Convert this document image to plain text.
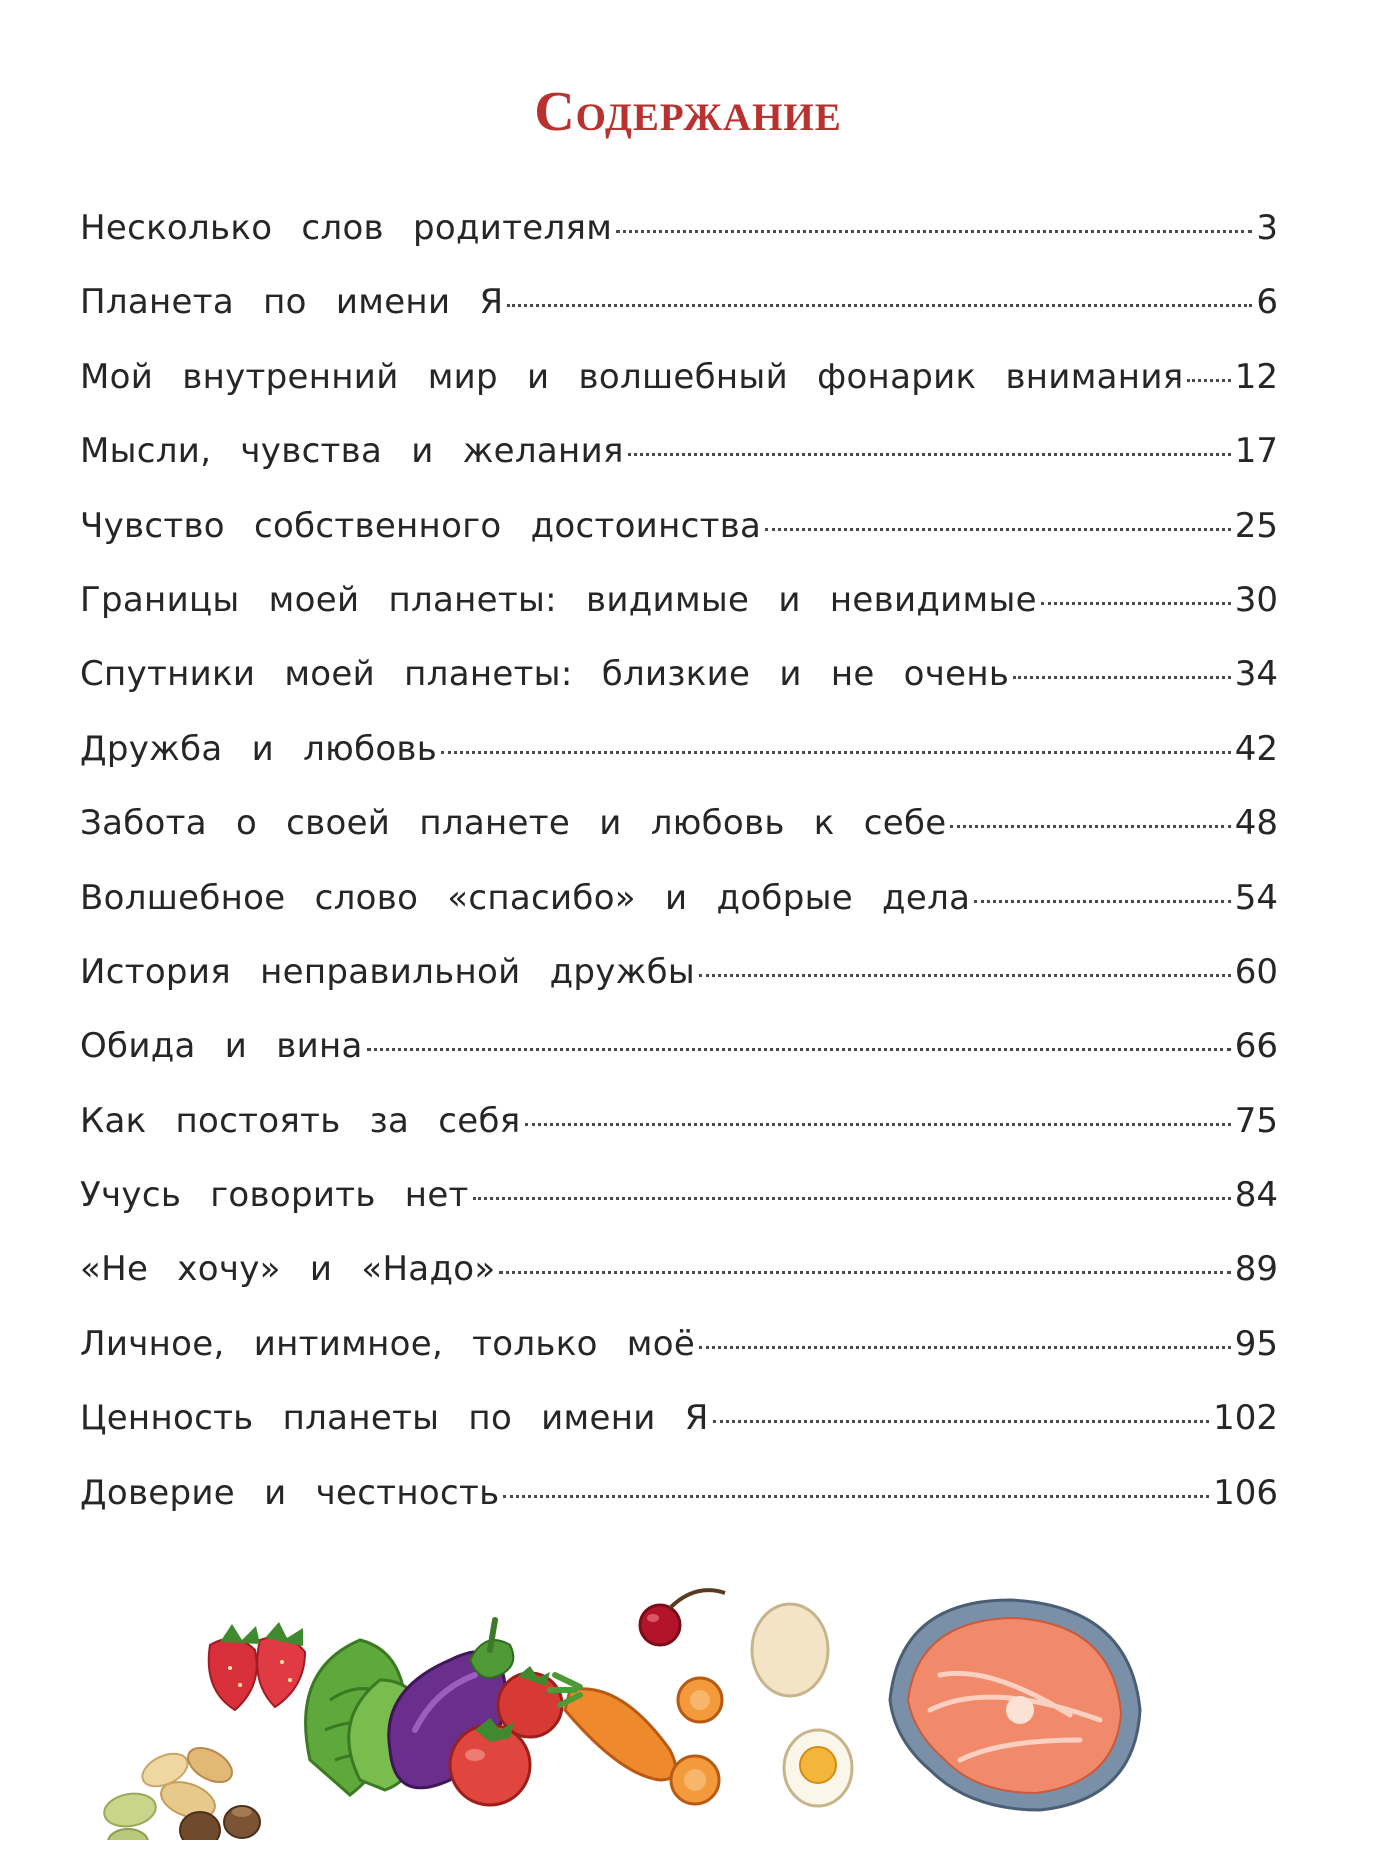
Содержание
Несколько слов родителям	3
Планета по имени Я	6
Мой внутренний мир и волшебный фонарик внимания 12
Мысли, чувства и желания	17
Чувство собственного достоинства	25
Границы моей планеты: видимые и невидимые	30
Спутники моей планеты: близкие и не очень	34
Дружба и любовь	42
Забота о своей планете и любовь к себе	48
Волшебное слово «спасибо» и добрые дела	54
История неправильной дружбы	60
Обида и вина	66
Как постоять за себя	75
Учусь говорить нет	84
«Не хочу» и «Надо»	89
Личное, интимное, только моё	95
Ценность планеты по имени Я	102
Доверие и честность	106
